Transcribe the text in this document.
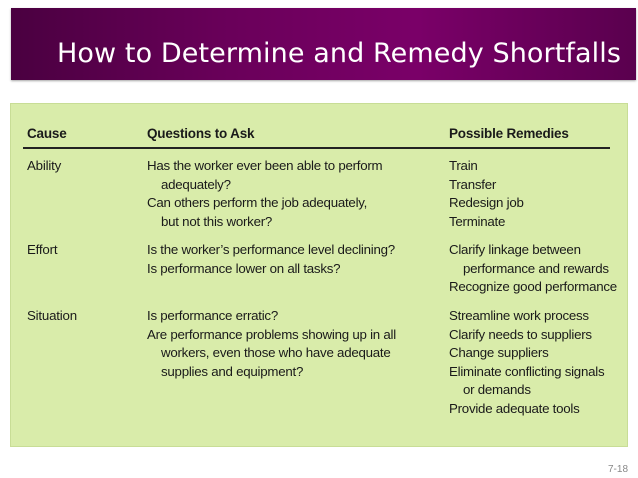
How to Determine and Remedy Shortfalls
Cause	Questions to Ask	Possible Remedies
Ability
Effort
Situation
7-18
Has the worker ever been able to perform
adequately?
Can others perform the job adequately,
but not this worker?
Train
Transfer
Redesign job
Terminate
Is the worker’s performance level declining?
Is performance lower on all tasks?
Clarify linkage between
performance and rewards
Recognize good performance
Is performance erratic?
Are performance problems showing up in all
workers, even those who have adequate
supplies and equipment?
Streamline work process
Clarify needs to suppliers
Change suppliers
Eliminate conflicting signals
or demands
Provide adequate tools
